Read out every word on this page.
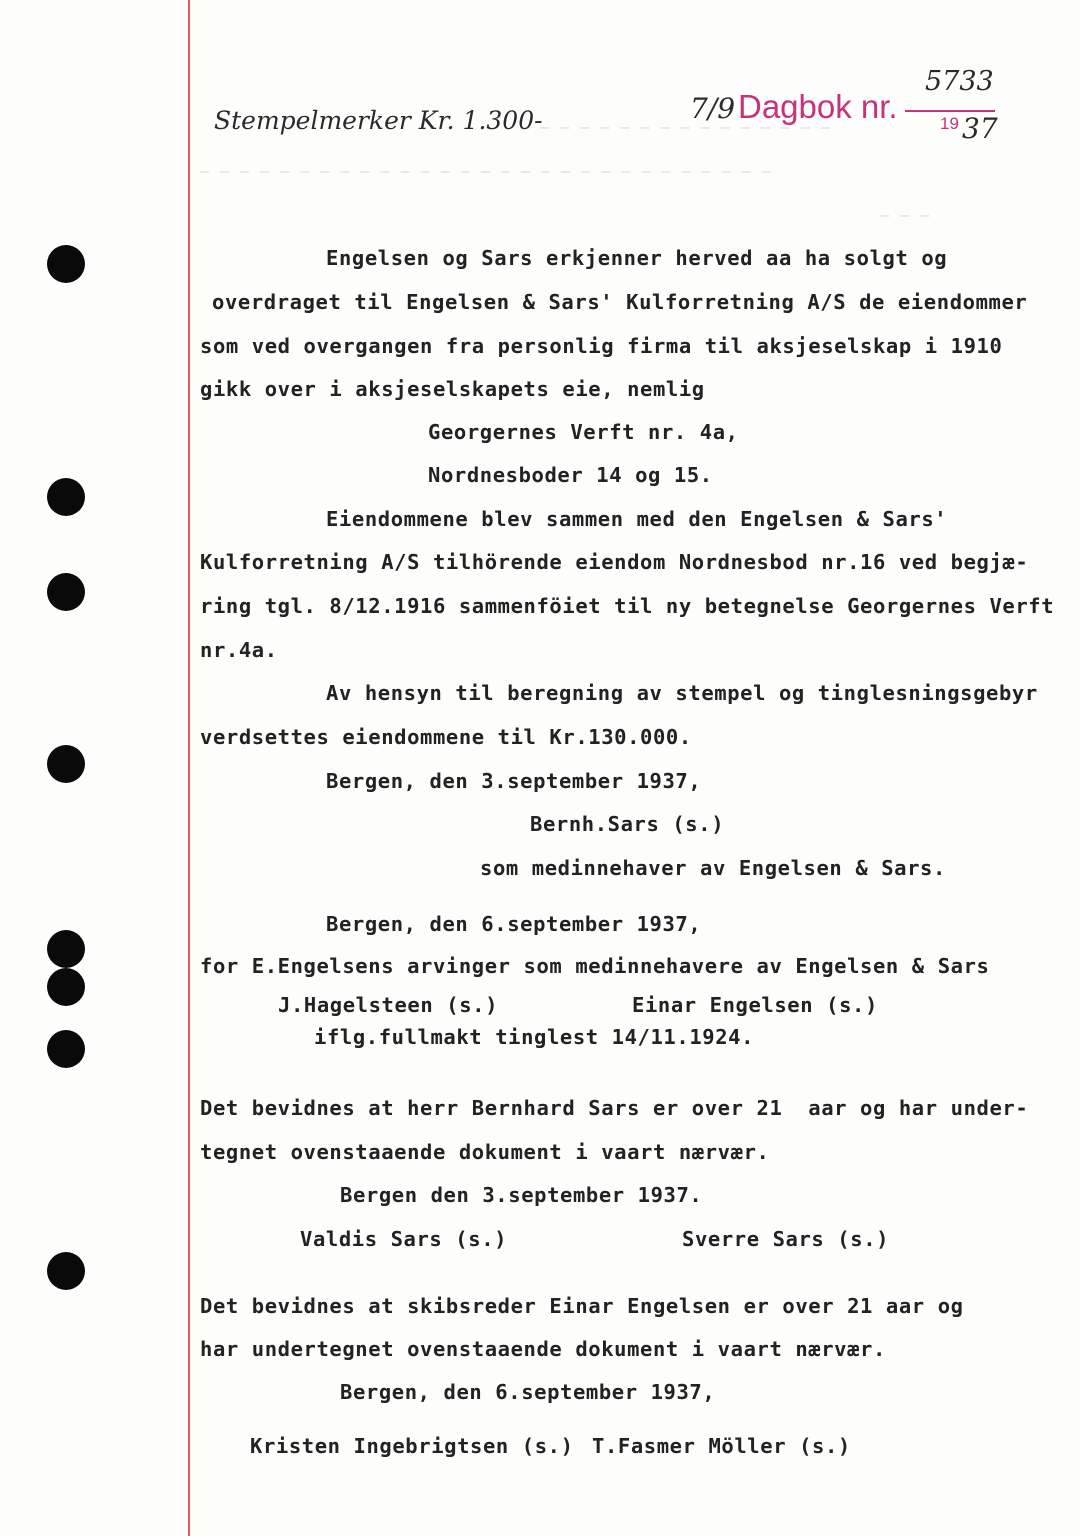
— — — — — — — — — — — — — — — —
— — — — — — — — — — — — — — — — — — — — — — — — — — — — —
— — —
Stempelmerker Kr. 1.300-	7/9 Dagbok nr.
5733
19 37
Engelsen og Sars erkjenner herved aa ha solgt og
overdraget til Engelsen & Sars' Kulforretning A/S de eiendommer
som ved overgangen fra personlig firma til aksjeselskap i 1910
gikk over i aksjeselskapets eie, nemlig
Georgernes Verft nr. 4a,
Nordnesboder 14 og 15.
Eiendommene blev sammen med den Engelsen & Sars'
Kulforretning A/S tilhörende eiendom Nordnesbod nr.16 ved begjæ-
ring tgl. 8/12.1916 sammenföiet til ny betegnelse Georgernes Verft
nr.4a.
Av hensyn til beregning av stempel og tinglesningsgebyr
verdsettes eiendommene til Kr.130.000.
Bergen, den 3.september 1937,
Bernh.Sars (s.)
som medinnehaver av Engelsen & Sars.
Bergen, den 6.september 1937,
for E.Engelsens arvinger som medinnehavere av Engelsen & Sars
J.Hagelsteen (s.)	Einar Engelsen (s.)
iflg.fullmakt tinglest 14/11.1924.
Det bevidnes at herr Bernhard Sars er over 21  aar og har under-
tegnet ovenstaaende dokument i vaart nærvær.
Bergen den 3.september 1937.
Valdis Sars (s.)	Sverre Sars (s.)
Det bevidnes at skibsreder Einar Engelsen er over 21 aar og
har undertegnet ovenstaaende dokument i vaart nærvær.
Bergen, den 6.september 1937,
Kristen Ingebrigtsen (s.) T.Fasmer Möller (s.)
